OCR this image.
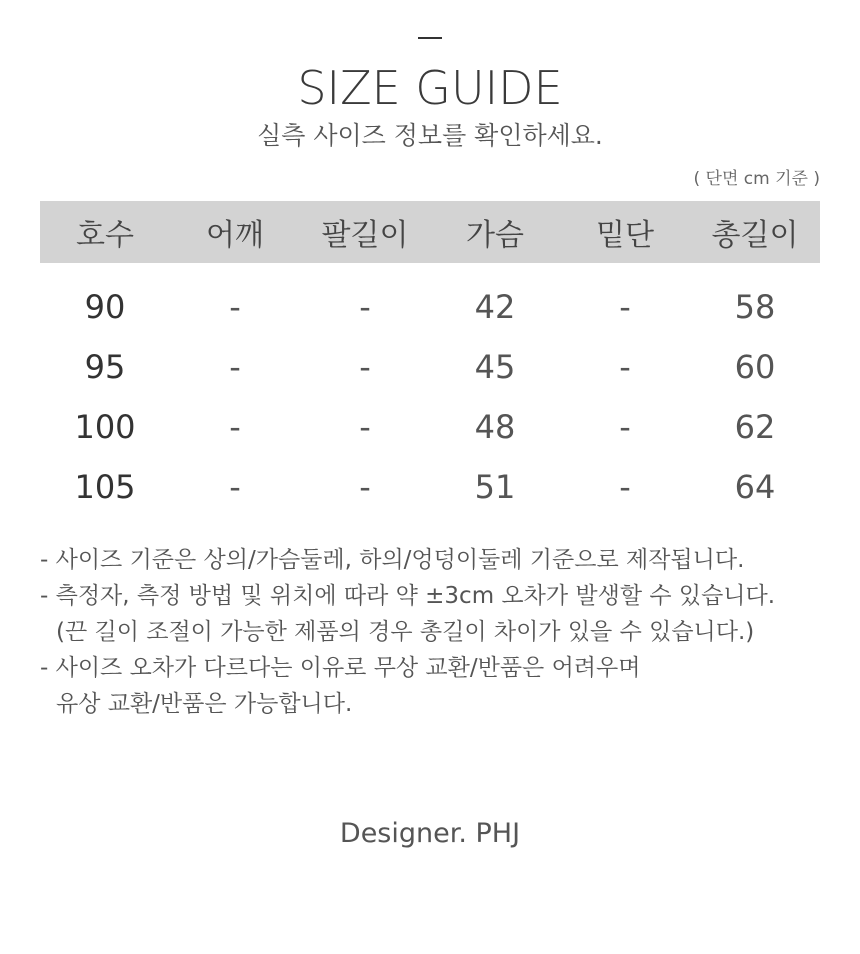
SIZE GUIDE
실측 사이즈 정보를 확인하세요.
( 단면 cm 기준 )
호수	어깨	팔길이	가슴	밑단	총길이
90	-	-	42	-	58
95	-	-	45	-	60
100	-	-	48	-	62
105	-	-	51	-	64
- 사이즈 기준은 상의/가슴둘레, 하의/엉덩이둘레 기준으로 제작됩니다.
- 측정자, 측정 방법 및 위치에 따라 약 ±3cm 오차가 발생할 수 있습니다.
(끈 길이 조절이 가능한 제품의 경우 총길이 차이가 있을 수 있습니다.)
- 사이즈 오차가 다르다는 이유로 무상 교환/반품은 어려우며
유상 교환/반품은 가능합니다.
Designer. PHJ
